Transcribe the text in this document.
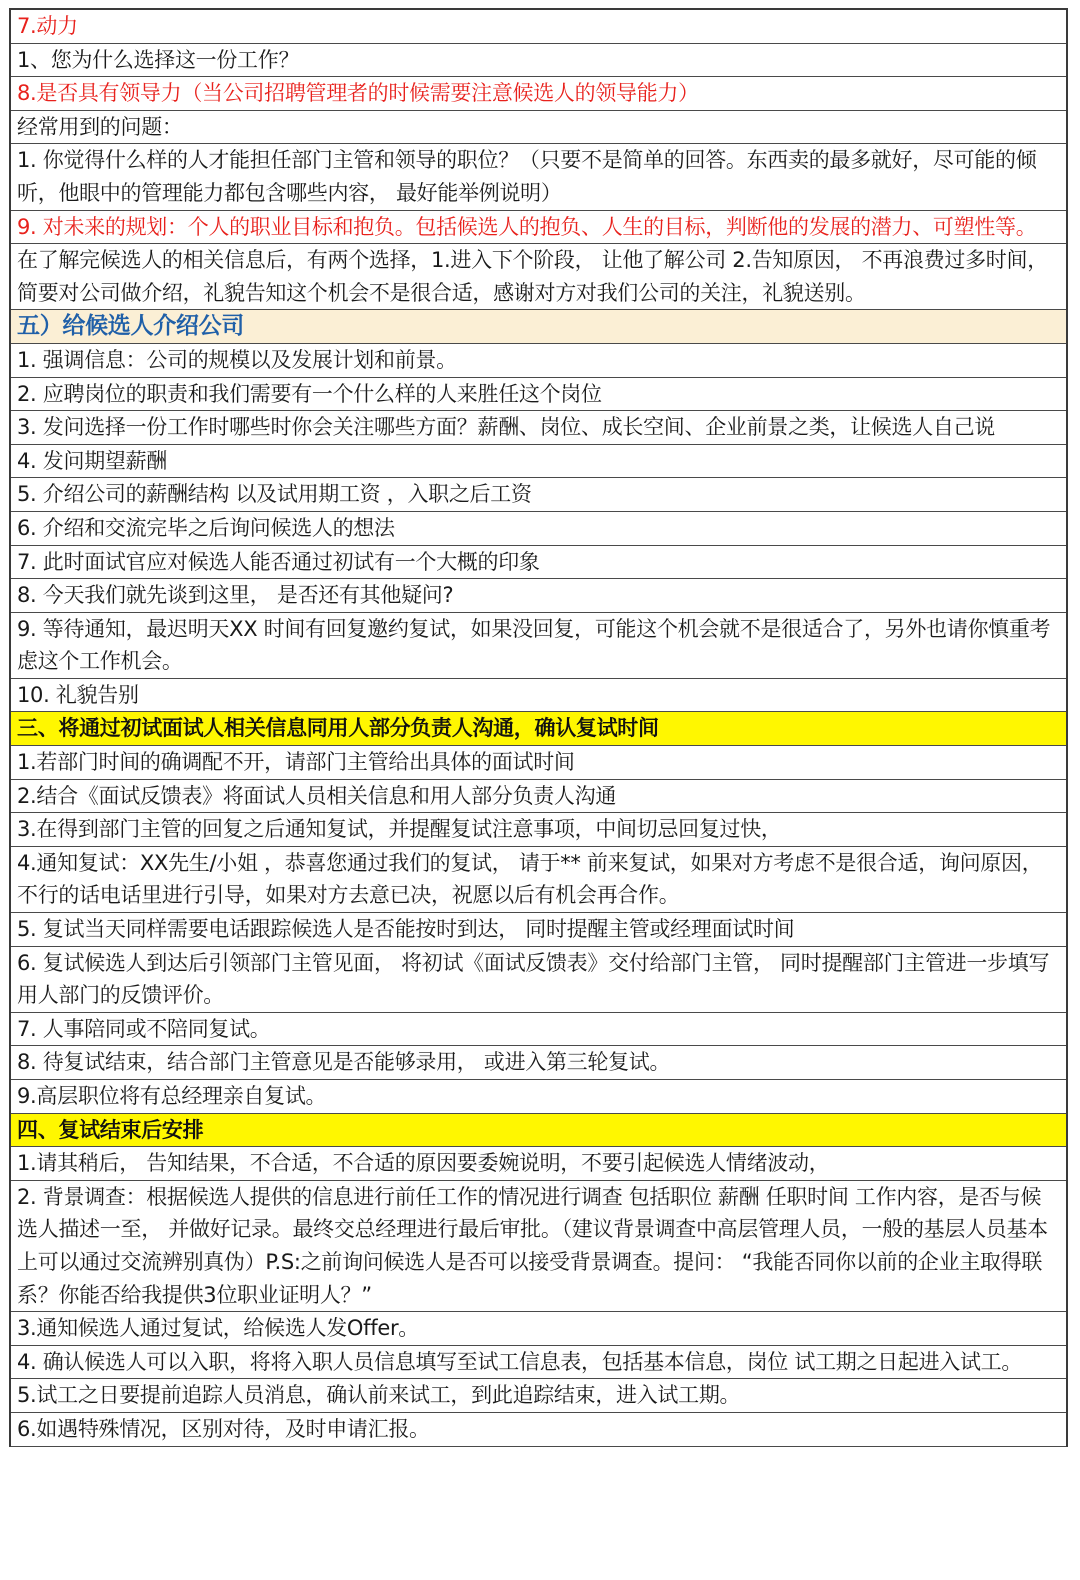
7.动力
1、您为什么选择这一份工作？
8.是否具有领导力（当公司招聘管理者的时候需要注意候选人的领导能力）
经常用到的问题：
1. 你觉得什么样的人才能担任部门主管和领导的职位？（只要不是简单的回答。东西卖的最多就好，尽可能的倾听，他眼中的管理能力都包含哪些内容， 最好能举例说明）
9. 对未来的规划：个人的职业目标和抱负。包括候选人的抱负、人生的目标，判断他的发展的潜力、可塑性等。
在了解完候选人的相关信息后，有两个选择，1.进入下个阶段， 让他了解公司 2.告知原因， 不再浪费过多时间，简要对公司做介绍，礼貌告知这个机会不是很合适，感谢对方对我们公司的关注，礼貌送别。
五）给候选人介绍公司
1. 强调信息：公司的规模以及发展计划和前景。
2. 应聘岗位的职责和我们需要有一个什么样的人来胜任这个岗位
3. 发问选择一份工作时哪些时你会关注哪些方面？薪酬、岗位、成长空间、企业前景之类，让候选人自己说
4. 发问期望薪酬
5. 介绍公司的薪酬结构 以及试用期工资 ，入职之后工资
6. 介绍和交流完毕之后询问候选人的想法
7. 此时面试官应对候选人能否通过初试有一个大概的印象
8. 今天我们就先谈到这里， 是否还有其他疑问?
9. 等待通知，最迟明天XX 时间有回复邀约复试，如果没回复，可能这个机会就不是很适合了，另外也请你慎重考虑这个工作机会。
10. 礼貌告别
三、将通过初试面试人相关信息同用人部分负责人沟通，确认复试时间
1.若部门时间的确调配不开，请部门主管给出具体的面试时间
2.结合《面试反馈表》将面试人员相关信息和用人部分负责人沟通
3.在得到部门主管的回复之后通知复试，并提醒复试注意事项，中间切忌回复过快，
4.通知复试：XX先生/小姐 ，恭喜您通过我们的复试， 请于** 前来复试，如果对方考虑不是很合适，询问原因，不行的话电话里进行引导，如果对方去意已决，祝愿以后有机会再合作。
5. 复试当天同样需要电话跟踪候选人是否能按时到达， 同时提醒主管或经理面试时间
6. 复试候选人到达后引领部门主管见面， 将初试《面试反馈表》交付给部门主管， 同时提醒部门主管进一步填写用人部门的反馈评价。
7. 人事陪同或不陪同复试。
8. 待复试结束，结合部门主管意见是否能够录用， 或进入第三轮复试。
9.高层职位将有总经理亲自复试。
四、复试结束后安排
1.请其稍后， 告知结果，不合适，不合适的原因要委婉说明，不要引起候选人情绪波动，
2. 背景调查：根据候选人提供的信息进行前任工作的情况进行调查 包括职位 薪酬 任职时间 工作内容，是否与候选人描述一至， 并做好记录。最终交总经理进行最后审批。（建议背景调查中高层管理人员，一般的基层人员基本上可以通过交流辨别真伪）P.S:之前询问候选人是否可以接受背景调查。提问： “我能否同你以前的企业主取得联系？你能否给我提供3位职业证明人？”
3.通知候选人通过复试，给候选人发Offer。
4. 确认候选人可以入职，将将入职人员信息填写至试工信息表，包括基本信息，岗位 试工期之日起进入试工。
5.试工之日要提前追踪人员消息，确认前来试工，到此追踪结束，进入试工期。
6.如遇特殊情况，区别对待，及时申请汇报。
